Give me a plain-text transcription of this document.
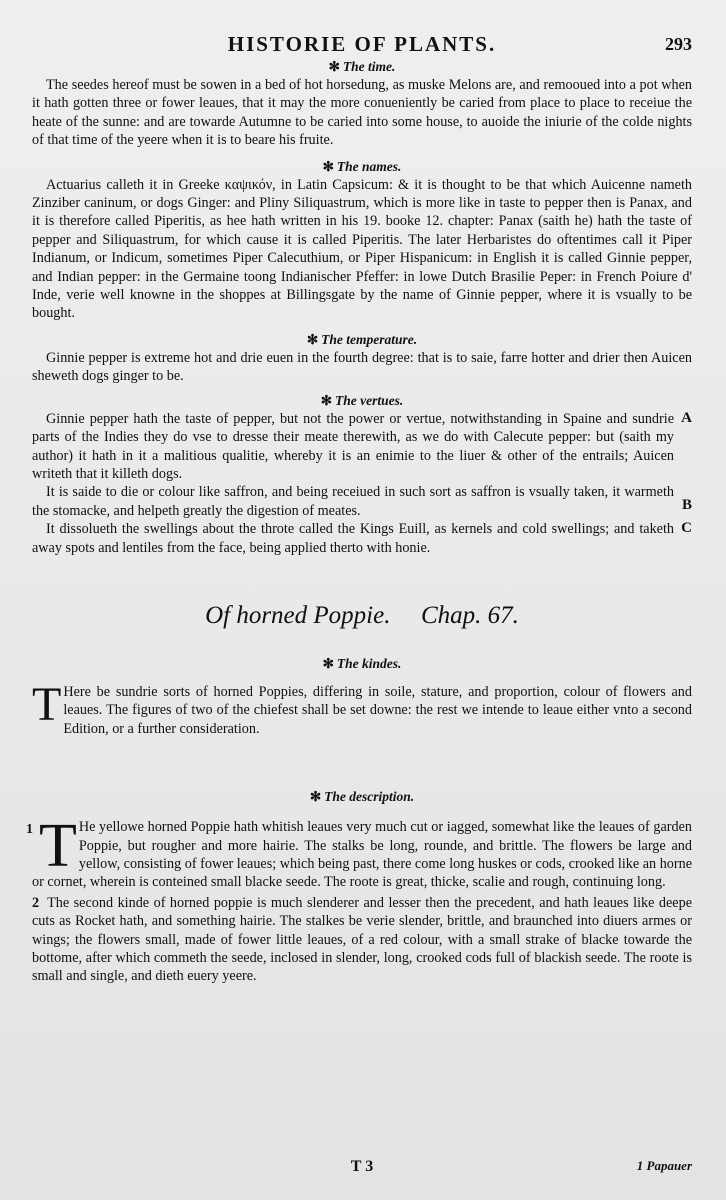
HISTORIE OF PLANTS.	293
✻ The time.

The seedes hereof must be sowen in a bed of hot horsedung, as muske Melons are, and remooued into a pot when it hath gotten three or fower leaues, that it may the more conueniently be caried from place to place to receiue the heate of the sunne: and are towarde Autumne to be caried into some house, to auoide the iniurie of the colde nights of that time of the yeere when it is to beare his fruite.

✻ The names.

Actuarius calleth it in Greeke καψικόν, in Latin Capsicum: & it is thought to be that which Auicenne nameth Zinziber caninum, or dogs Ginger: and Pliny Siliquastrum, which is more like in taste to pepper then is Panax, and it is therefore called Piperitis, as hee hath written in his 19. booke 12. chapter: Panax (saith he) hath the taste of pepper and Siliquastrum, for which cause it is called Piperitis. The later Herbaristes do oftentimes call it Piper Indianum, or Indicum, sometimes Piper Calecuthium, or Piper Hispanicum: in English it is called Ginnie pepper, and Indian pepper: in the Germaine toong Indianischer Pfeffer: in lowe Dutch Brasilie Peper: in French Poiure d' Inde, verie well knowne in the shoppes at Billingsgate by the name of Ginnie pepper, where it is vsually to be bought.

✻ The temperature.

Ginnie pepper is extreme hot and drie euen in the fourth degree: that is to saie, farre hotter and drier then Auicen sheweth dogs ginger to be.

✻ The vertues.
A

Ginnie pepper hath the taste of pepper, but not the power or vertue, notwithstanding in Spaine and sundrie parts of the Indies they do vse to dresse their meate therewith, as we do with Calecute pepper: but (saith my author) it hath in it a malitious qualitie, whereby it is an enimie to the liuer & other of the entrails; Auicen writeth that it killeth dogs.

B

It is saide to die or colour like saffron, and being receiued in such sort as saffron is vsually taken, it warmeth the stomacke, and helpeth greatly the digestion of meates.

C

It dissolueth the swellings about the throte called the Kings Euill, as kernels and cold swellings; and taketh away spots and lentiles from the face, being applied therto with honie.

Of horned Poppie. Chap. 67.
✻ The kindes.
T Here be sundrie sorts of horned Poppies, differing in soile, stature, and proportion, colour of flowers and leaues. The figures of two of the chiefest shall be set downe: the rest we intende to leaue either vnto a second Edition, or a further consideration.

✻ The description.
1 T He yellowe horned Poppie hath whitish leaues very much cut or iagged, somewhat like the leaues of garden Poppie, but rougher and more hairie. The stalks be long, rounde, and brittle. The flowers be large and yellow, consisting of fower leaues; which being past, there come long huskes or cods, crooked like an horne or cornet, wherein is conteined small blacke seede. The roote is great, thicke, scalie and rough, continuing long.

2 The second kinde of horned poppie is much slenderer and lesser then the precedent, and hath leaues like deepe cuts as Rocket hath, and something hairie. The stalkes be verie slender, brittle, and braunched into diuers armes or wings; the flowers small, made of fower little leaues, of a red colour, with a small strake of blacke towarde the bottome, after which commeth the seede, inclosed in slender, long, crooked cods full of blackish seede. The roote is small and single, and dieth euery yeere.

T 3	1 Papauer
